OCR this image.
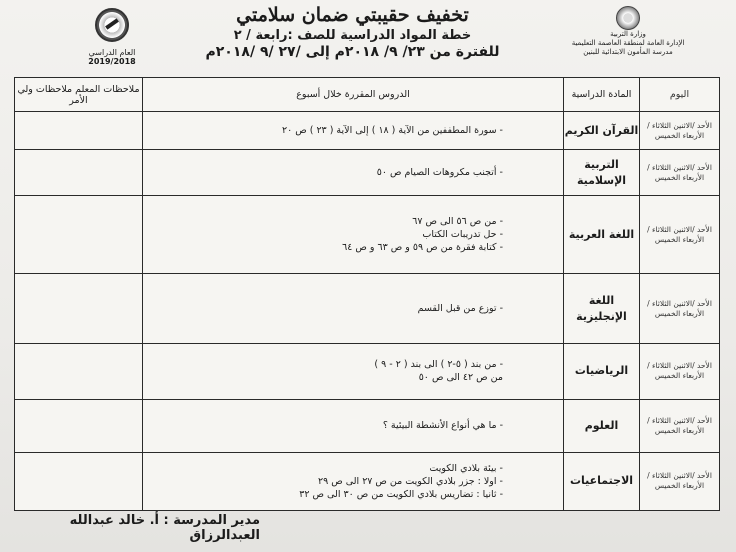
العام الدراسي
2019/2018
تخفيف حقيبتي ضمان سلامتي
خطة المواد الدراسية للصف :رابعة / ٢
للفترة من ٢٣/ ٩/ ٢٠١٨م إلى /٢٧ /٩ /٢٠١٨م
وزارة التربية
الإدارة العامة لمنطقة العاصمة التعليمية
مدرسة المأمون الابتدائية للبنين
اليوم	المادة الدراسية	الدروس المقررة خلال أسبوع	ملاحظات المعلم ملاحظات ولي الأمر
الأحد /الاثنين الثلاثاء /الأربعاء الخميس	القرآن الكريم	- سورة المطففين من الآية ( ١٨ ) إلى الآية ( ٢٣ ) ص ٢٠	

الأحد /الاثنين الثلاثاء /الأربعاء الخميس	التربية الإسلامية	- أتجنب مكروهات الصيام ص ٥٠	

الأحد /الاثنين الثلاثاء /الأربعاء الخميس	اللغة العربية	- من ص ٥٦ الى ص ٦٧
- حل تدريبات الكتاب
- كتابة فقرة من ص ٥٩ و ص ٦٣ و ص ٦٤	

الأحد /الاثنين الثلاثاء /الأربعاء الخميس	اللغة الإنجليزية	- توزع من قبل القسم	

الأحد /الاثنين الثلاثاء /الأربعاء الخميس	الرياضيات	- من بند ( ٥-٢ ) الى بند ( ٢ - ٩ )
من ص ٤٢ الى ص ٥٠	

الأحد /الاثنين الثلاثاء /الأربعاء الخميس	العلوم	- ما هي أنواع الأنشطة البيئية ؟	

الأحد /الاثنين الثلاثاء /الأربعاء الخميس	الاجتماعيات	- بيئة بلادي الكويت
- اولا : جزر بلادي الكويت من ص ٢٧ الى ص ٢٩
- ثانيا : تضاريس بلادي الكويت من ص ٣٠ الى ص ٣٢	

مدير المدرسة : أ. خالد عبدالله العبدالرزاق
